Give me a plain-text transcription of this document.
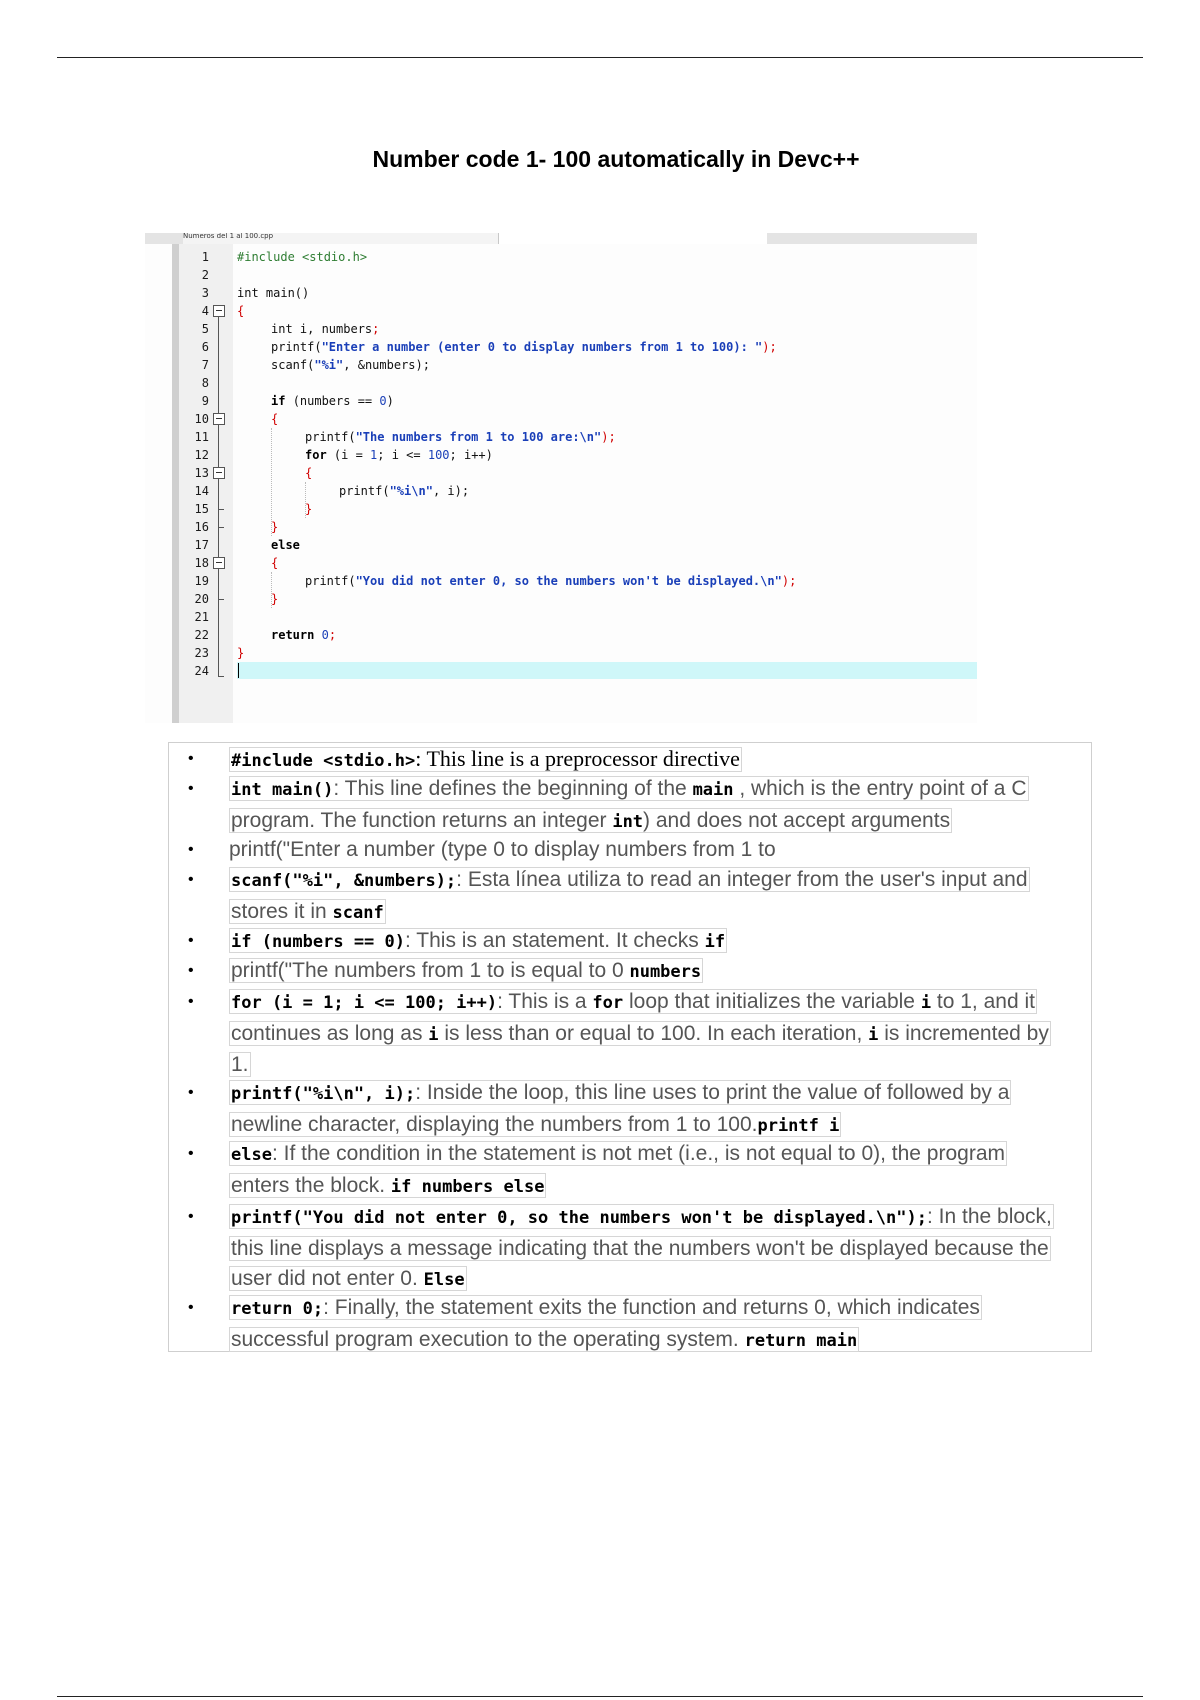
Number code 1- 100 automatically in Devc++
Numeros del 1 al 100.cpp
1
2
3
4
5
6
7
8
9
10
11
12
13
14
15
16
17
18
19
20
21
22
23
24
#include <stdio.h>
int main()
{
int i, numbers;
printf("Enter a number (enter 0 to display numbers from 1 to 100): ");
scanf("%i", &numbers);
if (numbers == 0)
{
printf("The numbers from 1 to 100 are:\n");
for (i = 1; i <= 100; i++)
{
printf("%i\n", i);
}
}
else
{
printf("You did not enter 0, so the numbers won't be displayed.\n");
}
return 0;
}
• #include <stdio.h>: This line is a preprocessor directive
• int main(): This line defines the beginning of the main , which is the entry point of a C
program. The function returns an integer int) and does not accept arguments
• printf("Enter a number (type 0 to display numbers from 1 to
• scanf("%i", &numbers);: Esta línea utiliza to read an integer from the user's input and
stores it in scanf
• if (numbers == 0): This is an statement. It checks if
• printf("The numbers from 1 to is equal to 0 numbers
• for (i = 1; i <= 100; i++): This is a for loop that initializes the variable i to 1, and it
continues as long as i is less than or equal to 100. In each iteration, i is incremented by
1.
• printf("%i\n", i);: Inside the loop, this line uses to print the value of followed by a
newline character, displaying the numbers from 1 to 100.printf i
• else: If the condition in the statement is not met (i.e., is not equal to 0), the program
enters the block. if numbers else
• printf("You did not enter 0, so the numbers won't be displayed.\n");: In the block,
this line displays a message indicating that the numbers won't be displayed because the
user did not enter 0. Else
• return 0;: Finally, the statement exits the function and returns 0, which indicates
successful program execution to the operating system. return main
